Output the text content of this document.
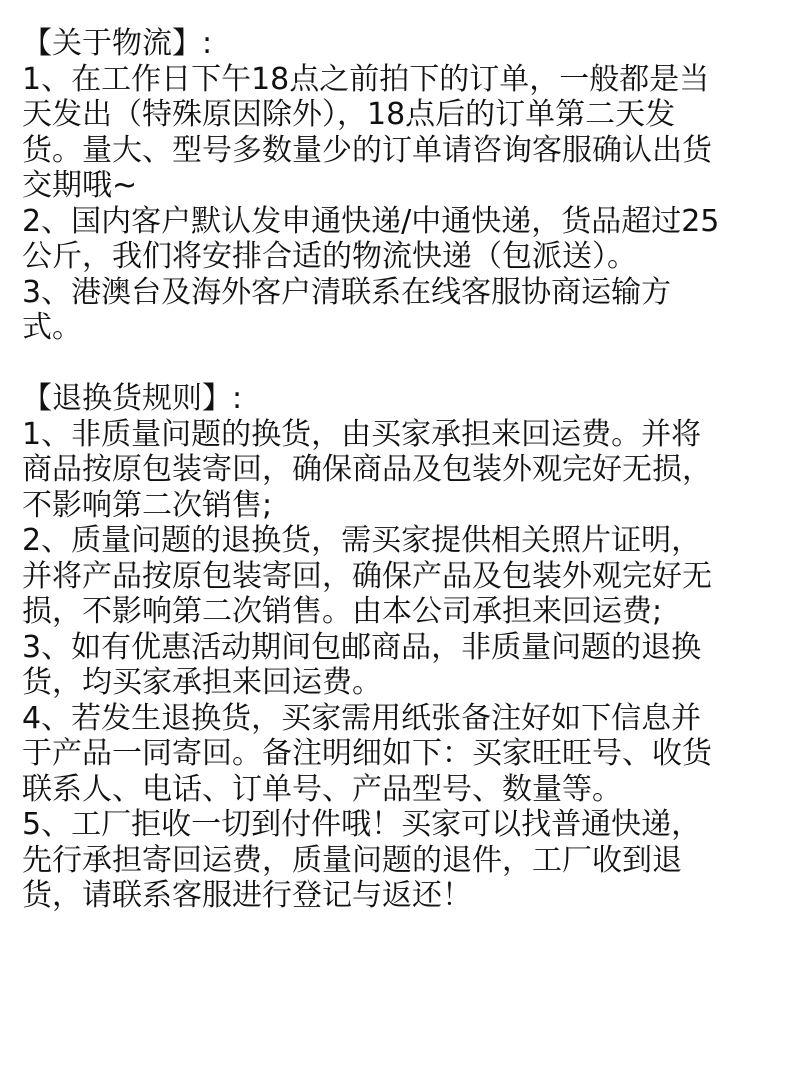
【关于物流】:
1、在工作日下午18点之前拍下的订单，一般都是当
天发出（特殊原因除外），18点后的订单第二天发
货。量大、型号多数量少的订单请咨询客服确认出货
交期哦~
2、国内客户默认发申通快递/中通快递，货品超过25
公斤，我们将安排合适的物流快递（包派送）。
3、港澳台及海外客户清联系在线客服协商运输方
式。
【退换货规则】:
1、非质量问题的换货，由买家承担来回运费。并将
商品按原包装寄回，确保商品及包装外观完好无损，
不影响第二次销售;
2、质量问题的退换货，需买家提供相关照片证明，
并将产品按原包装寄回，确保产品及包装外观完好无
损，不影响第二次销售。由本公司承担来回运费;
3、如有优惠活动期间包邮商品，非质量问题的退换
货，均买家承担来回运费。
4、若发生退换货，买家需用纸张备注好如下信息并
于产品一同寄回。备注明细如下：买家旺旺号、收货
联系人、电话、订单号、产品型号、数量等。
5、工厂拒收一切到付件哦！买家可以找普通快递，
先行承担寄回运费，质量问题的退件，工厂收到退
货，请联系客服进行登记与返还！
